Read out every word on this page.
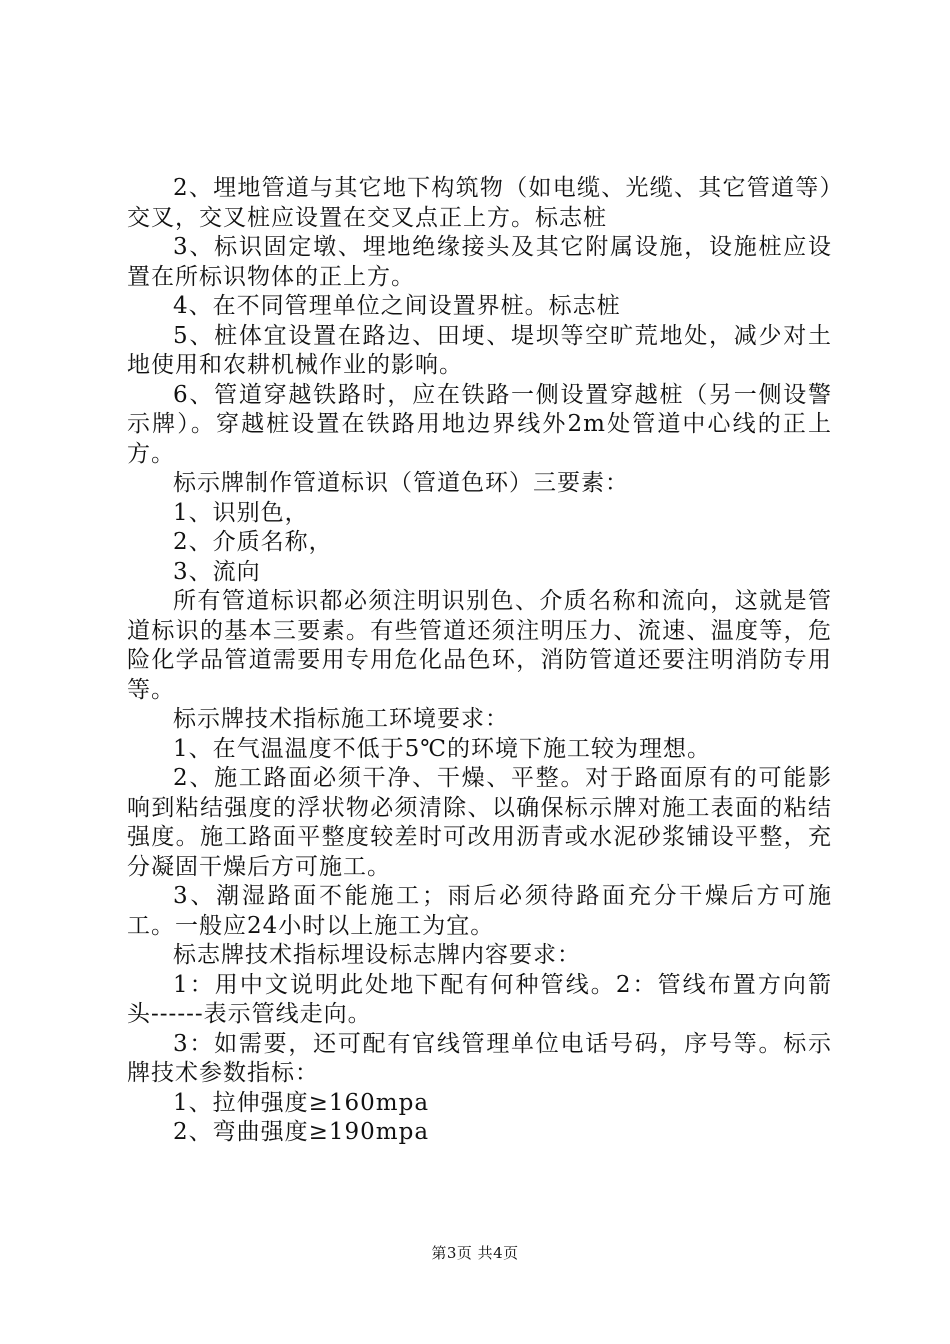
2、埋地管道与其它地下构筑物（如电缆、光缆、其它管道等）交叉，交叉桩应设置在交叉点正上方。标志桩

3、标识固定墩、埋地绝缘接头及其它附属设施，设施桩应设置在所标识物体的正上方。

4、在不同管理单位之间设置界桩。标志桩

5、桩体宜设置在路边、田埂、堤坝等空旷荒地处，减少对土地使用和农耕机械作业的影响。

6、管道穿越铁路时，应在铁路一侧设置穿越桩（另一侧设警示牌）。穿越桩设置在铁路用地边界线外2m处管道中心线的正上方。

标示牌制作管道标识（管道色环）三要素：

1、识别色，

2、介质名称，

3、流向

所有管道标识都必须注明识别色、介质名称和流向，这就是管道标识的基本三要素。有些管道还须注明压力、流速、温度等，危险化学品管道需要用专用危化品色环，消防管道还要注明消防专用等。

标示牌技术指标施工环境要求：

1、在气温温度不低于5℃的环境下施工较为理想。

2、施工路面必须干净、干燥、平整。对于路面原有的可能影响到粘结强度的浮状物必须清除、以确保标示牌对施工表面的粘结强度。施工路面平整度较差时可改用沥青或水泥砂浆铺设平整，充分凝固干燥后方可施工。

3、潮湿路面不能施工；雨后必须待路面充分干燥后方可施工。一般应24小时以上施工为宜。

标志牌技术指标埋设标志牌内容要求：

1：用中文说明此处地下配有何种管线。2：管线布置方向箭头------表示管线走向。

3：如需要，还可配有官线管理单位电话号码，序号等。标示牌技术参数指标：

1、拉伸强度≥160mpa

2、弯曲强度≥190mpa

第3页 共4页
